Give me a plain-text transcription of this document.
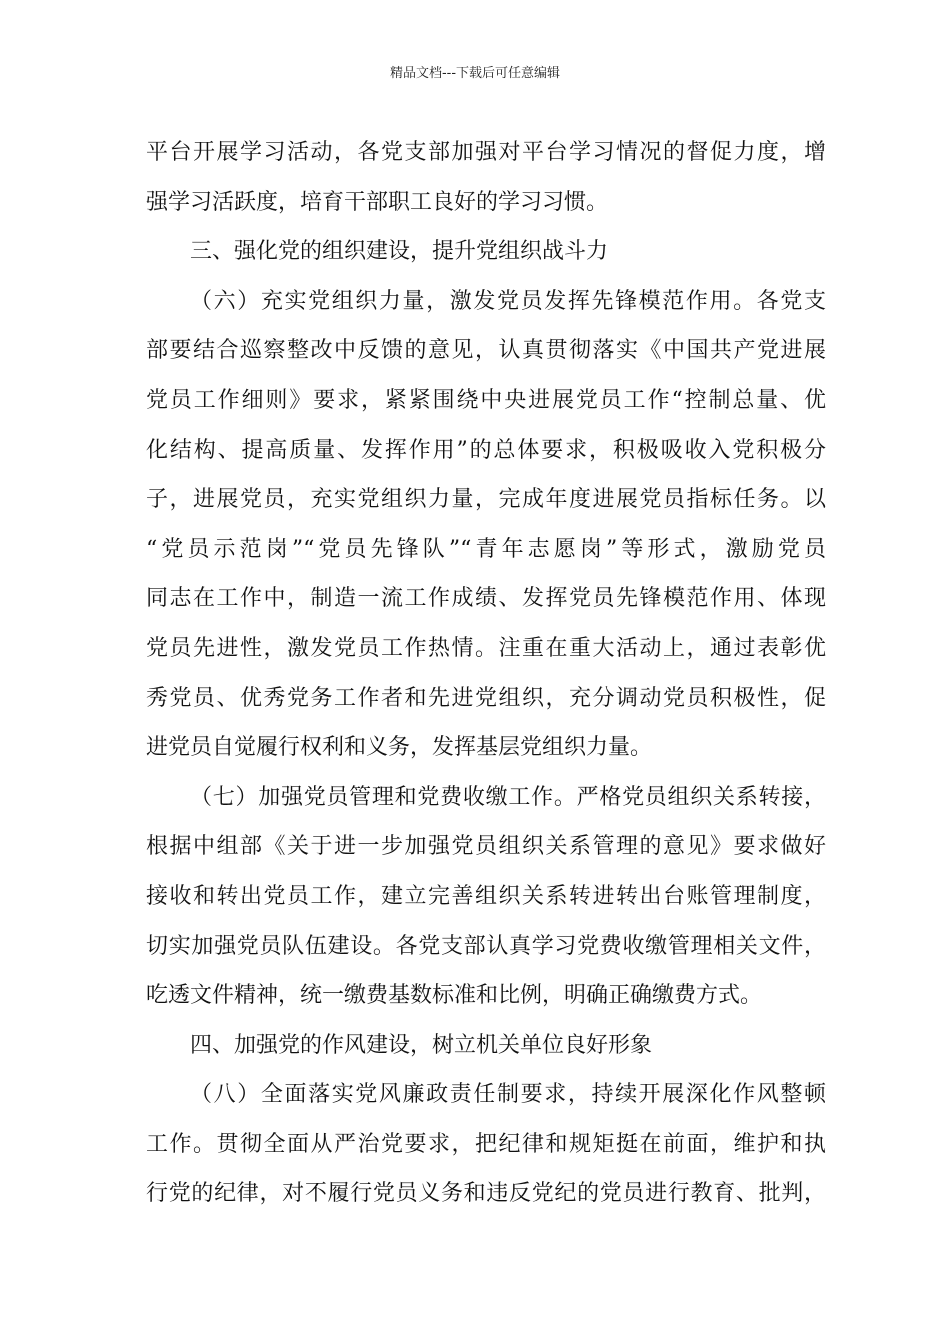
精品文档---下载后可任意编辑
平台开展学习活动，各党支部加强对平台学习情况的督促力度，增
强学习活跃度，培育干部职工良好的学习习惯。
三、强化党的组织建设，提升党组织战斗力
（六）充实党组织力量，激发党员发挥先锋模范作用。各党支
部要结合巡察整改中反馈的意见，认真贯彻落实《中国共产党进展
党员工作细则》要求，紧紧围绕中央进展党员工作“控制总量、优
化结构、提高质量、发挥作用”的总体要求，积极吸收入党积极分
子，进展党员，充实党组织力量，完成年度进展党员指标任务。以
“党员示范岗”“党员先锋队”“青年志愿岗”等形式，激励党员
同志在工作中，制造一流工作成绩、发挥党员先锋模范作用、体现
党员先进性，激发党员工作热情。注重在重大活动上，通过表彰优
秀党员、优秀党务工作者和先进党组织，充分调动党员积极性，促
进党员自觉履行权利和义务，发挥基层党组织力量。
（七）加强党员管理和党费收缴工作。严格党员组织关系转接，
根据中组部《关于进一步加强党员组织关系管理的意见》要求做好
接收和转出党员工作，建立完善组织关系转进转出台账管理制度，
切实加强党员队伍建设。各党支部认真学习党费收缴管理相关文件，
吃透文件精神，统一缴费基数标准和比例，明确正确缴费方式。
四、加强党的作风建设，树立机关单位良好形象
（八）全面落实党风廉政责任制要求，持续开展深化作风整顿
工作。贯彻全面从严治党要求，把纪律和规矩挺在前面，维护和执
行党的纪律，对不履行党员义务和违反党纪的党员进行教育、批判，
